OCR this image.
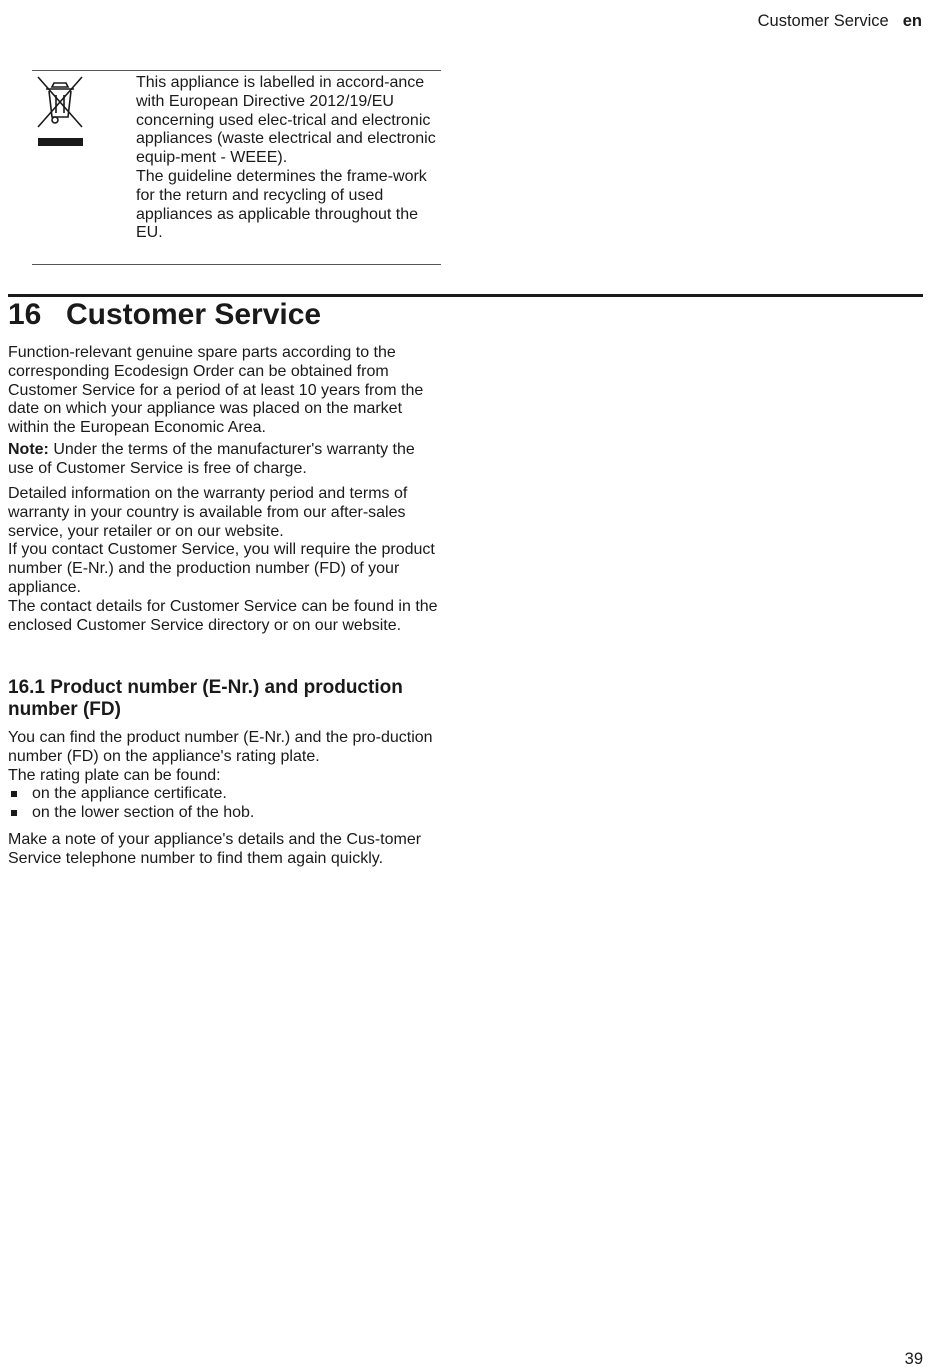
Customer Service en

This appliance is labelled in accord-ance with European Directive 2012/19/EU concerning used elec-trical and electronic appliances (waste electrical and electronic equip-ment - WEEE).
The guideline determines the frame-work for the return and recycling of used appliances as applicable throughout the EU.

16 Customer Service

Function-relevant genuine spare parts according to the corresponding Ecodesign Order can be obtained from Customer Service for a period of at least 10 years from the date on which your appliance was placed on the market within the European Economic Area.

Note: Under the terms of the manufacturer's warranty the use of Customer Service is free of charge.

Detailed information on the warranty period and terms of warranty in your country is available from our after-sales service, your retailer or on our website.
If you contact Customer Service, you will require the product number (E-Nr.) and the production number (FD) of your appliance.
The contact details for Customer Service can be found in the enclosed Customer Service directory or on our website.

16.1 Product number (E-Nr.) and production number (FD)

You can find the product number (E-Nr.) and the pro-duction number (FD) on the appliance's rating plate.
The rating plate can be found:

on the appliance certificate.
on the lower section of the hob.

Make a note of your appliance's details and the Cus-tomer Service telephone number to find them again quickly.

39
